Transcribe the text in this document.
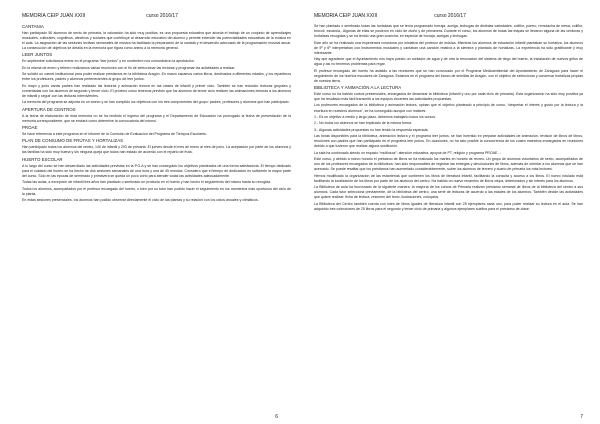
MEMORIA CEIP JUAN XXIII	curso 2016/17

CANTANIA

Han participado 50 alumnos de sexto de primaria, la valoración ha sido muy positiva, es una propuesta educativa que aborda el trabajo de un conjunto de aprendizajes musicales, culturales, cognitivos, afectivos y sociales que contribuye al desarrollo educativo del alumno y permite extender las potencialidades educativas de la música en el aula. La asignación de las sesiones lectivas semanales de música ha facilitado la preparación de la cantata y el desarrollo adecuado de la programación musical anual. La consecución de objetivos se detalla en la memoria que figura como anexo a la memoria general.

LEER JUNTOS

En septiembre solicitamos entrar en el programa “leer juntos” y en noviembre nos comunicaron la aprobación.

En la misma de enero y febrero realizamos varias reuniones con el fin de seleccionar las lecturas y programar las actividades a realizar.

Se solicitó un carnet institucional para poder realizar préstamos en la biblioteca Aragón. En marzo sacamos varios libros, destinados a diferentes edades, y los repartimos entre los profesores, padres y alumnos pertenecientes al grupo de leer juntos.

En mayo y junio varias padres han realizado las lecturas y animación lectora en las clases de infantil y primer ciclo. También se han reducido lecturas grupales y comentadas con los alumnos de segundo y tercer ciclo. El próximo curso tenemos previsto que los alumnos de tercer ciclo realicen las animaciones lectoras a los alumnos de infantil y seguir con las lecturas intervivientes.

La memoria del programa se adjunta en un anexo y se han cumplido los objetivos con los tres componentes del grupo: padres, profesores y alumnos que han participado.

APERTURA DE CENTROS

A la fecha de elaboración de esta memoria no se ha recibido el ingreso del programa y el Departamento de Educación ha prorrogado la fecha de presentación de la memoria correspondiente, que se enviará como determine la convocatoria del mismo.

PROAE

Se hace referencia a este programa en el informe de la Comisión de Evaluación del Programa de Tiempos Escolares.

PLAN DE CONSUMO DE FRUTAS Y HORTALIZAS

Han participado todos los alumnos del centro, 140 de infantil y 293 de primaria. El jueves desde el mes de enero al mes de junio. La aceptación por parte de los alumnos y las familias ha sido muy buena y sin ninguna queja que todos han estado de acuerdo con el reparto de fruta.

HUERTO ESCOLAR

A lo largo del curso se han desarrollado las actividades previstas en la P.G.A y se han conseguido los objetivos planteados de una forma satisfactoria. El tiempo dedicado para el cuidado del huerto se ha hecho de dos sesiones semanales de una hora y una de 45 minutos. Considero que el tiempo de dedicación es suficiente la mayor parte del curso. Sólo en las épocas de sembrado y primavera se queda un poco corto para atender todas las actividades adecuadamente.

Todas las aulas, a excepción de infantil tres años han plantado o sembrado un producto en el huerto y han hecho el seguimiento del mismo hasta su recogida.

Todos los alumnos, acompañados por el profesor encargado del huerto, o bien por su tutor han podido hacer el seguimiento en los momentos más oportunos del ciclo de la planta.

En estas sesiones presenciales, los alumnos han podido observar directamente el ciclo de las plantas y su relación con los ciclos anuales y climáticos.

6
MEMORIA CEIP JUAN XXIII	curso 2016/17

Se han plantado o sembrado todas las hortalizas que se tenía programado borraja, acelga, lechugas de distintas variedades, coliflor, puerro, remolacha de mesa, coliflor, brócoli, escarola,. Algunas de ellas se pusieron en ciclo de otoño y de primavera. Durante el curso, los alumnos de todas las etapas se llevaron alguna de las verduras y hortalizas recogidas y se ha tenido una gran cosecha, en especial de borraja, acelgas y lechugas.

Este año se ha realizado una experiencia novedosa por iniciativa del profesor de música. Mientras los alumnos de educación infantil plantaban su hortaliza, los alumnos de 5º y 6º interpretaban con instrumentos musicales y cantaban una canción relativa a la siembra y plantado de hortalizas. La experiencia ha sido gratificante y muy interesante.

Hay que agradecer que el Ayuntamiento nos haya puesto un contador de agua y de otra la renovación del sistema de riego del huerto, la instalación de nuevos grifos de agua y así no tenemos problemas para regar.

El profesor encargado del huerto ha asistido a las reuniones que se han convocado por el Programa Medioambiental del Ayuntamiento de Zaragoza para hacer el seguimiento de los huertos escolares de Zaragoza. Estamos en el programa del banco de semillas de Aragón, con el objetivo de seleccionar y conservar hortalizas propias de nuestra tierra.

BIBLIOTECA Y ANIMACIÓN A LA LECTURA

Este curso no ha habido cursos presenciales, encargados de dinamizar la biblioteca (Infantil y uno por cada ciclo de primaria). Esta organización ha sido muy positiva ya que ha resultado más fácil transmitir a los equipos docentes las actividades propuestas.

Los profesores encargados de la biblioteca y animación lectora, opinan que el objetivo planteado a principio de curso, “despertar el interés y gusto por la lectura y la escritura en nuestros alumnos”, se ha conseguido aunque con matices:

1.- Es un objetivo a medio y largo plazo, debemos trabajarlo todos los cursos.

2.- No todos los alumnos se han implicado de la misma forma.

3.- Algunas actividades propuestas no han tenido la respuesta esperada.

Las horas disponibles para la biblioteca, animación lectora y el programa leer juntos, se han invertido en preparar actividades de animación, revisión de libros de libros, reuniones con padres que han participado en el programa leer juntos. En ocasiones, no ha sido posible la concurrencia de los cuatro maestros encargados en reuniones debido a que tuvieron que realizar alguna sustitución.

La sala ha continuado siendo un espacio “multiusos”: atención educativa, apoyos de PT, religión y programa PROAE…

Este curso, y debido a nuevo horario el préstamo de libros se ha realizado los martes en horario de recreo. Un grupo de alumnos voluntarios de sexto, acompañados de uno de los profesores encargados de la biblioteca, han sido responsables de registrar las entregas y devoluciones de libros, además de orientar a los alumnos que se han acercado. Se puede resaltar que los préstamos han aumentado considerablemente, sobre los alumnos de tercero y cuarto de primaria los más lectores.

Hemos modificado la organización de las estanterías que contienen los libros de literatura infantil, facilitando la consulta y acceso a los libros. El nuevo rotulado está facilitando la localización de los libros por parte de los alumnos del centro. Ha habido un nuevo recambio de libros viejos, deteriorados y sin interés para los alumnos.

La Biblioteca de aula ha funcionado de la siguiente manera: la mayoría de los cursos de Primaria realizan préstamo semanal de libros de la biblioteca del centro a sus alumnos. Cada tutor selecciona previamente, de la biblioteca del centro, una serie de lecturas de acuerdo a las edades de los alumnos. También decide las actividades que quiere realizar: ficha de lectura, resumen del texto, ilustraciones, coloquios.

La Biblioteca del Centro también cuenta con lotes de libros iguales de literatura infantil con 25 ejemplares cada uno, para poder realizar su lectura en el aula. Se han adquirido tres colecciones de 25 libros para el segundo y tercer ciclo de primaria y algunos ejemplares sueltos para el préstamo de clase.

7
